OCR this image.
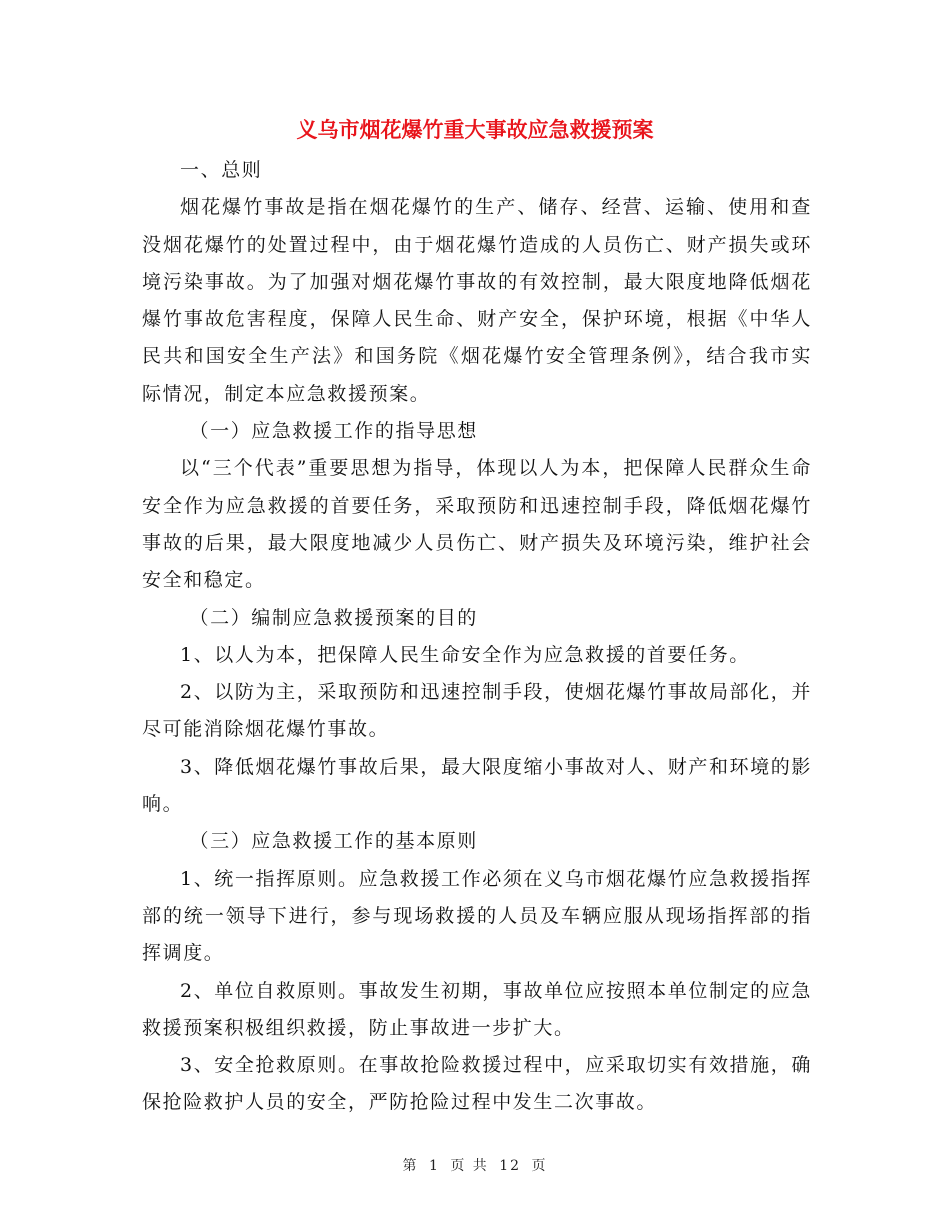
义乌市烟花爆竹重大事故应急救援预案

一、总则

烟花爆竹事故是指在烟花爆竹的生产、储存、经营、运输、使用和查没烟花爆竹的处置过程中，由于烟花爆竹造成的人员伤亡、财产损失或环境污染事故。为了加强对烟花爆竹事故的有效控制，最大限度地降低烟花爆竹事故危害程度，保障人民生命、财产安全，保护环境，根据《中华人民共和国安全生产法》和国务院《烟花爆竹安全管理条例》，结合我市实际情况，制定本应急救援预案。

（一）应急救援工作的指导思想

以“三个代表”重要思想为指导，体现以人为本，把保障人民群众生命安全作为应急救援的首要任务，采取预防和迅速控制手段，降低烟花爆竹事故的后果，最大限度地减少人员伤亡、财产损失及环境污染，维护社会安全和稳定。

（二）编制应急救援预案的目的

1、以人为本，把保障人民生命安全作为应急救援的首要任务。

2、以防为主，采取预防和迅速控制手段，使烟花爆竹事故局部化，并尽可能消除烟花爆竹事故。

3、降低烟花爆竹事故后果，最大限度缩小事故对人、财产和环境的影响。

（三）应急救援工作的基本原则

1、统一指挥原则。应急救援工作必须在义乌市烟花爆竹应急救援指挥部的统一领导下进行，参与现场救援的人员及车辆应服从现场指挥部的指挥调度。

2、单位自救原则。事故发生初期，事故单位应按照本单位制定的应急救援预案积极组织救援，防止事故进一步扩大。

3、安全抢救原则。在事故抢险救援过程中，应采取切实有效措施，确保抢险救护人员的安全，严防抢险过程中发生二次事故。

第 1 页 共 12 页
